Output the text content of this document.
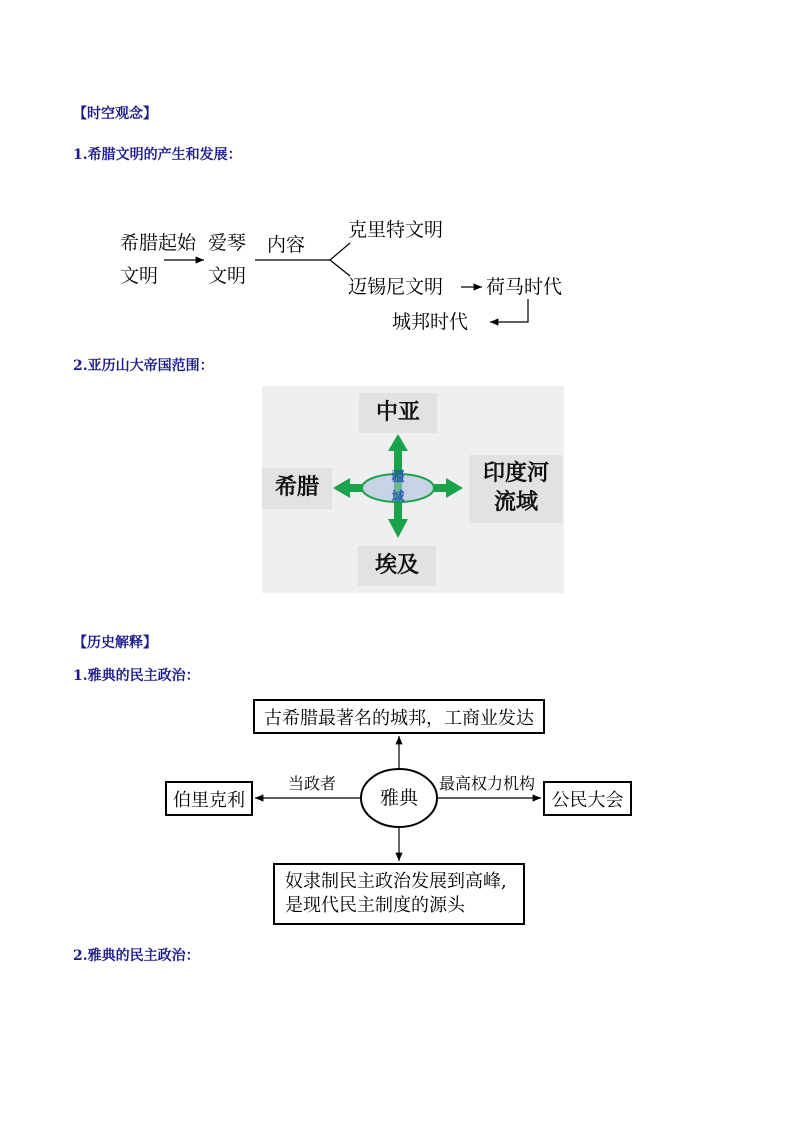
【时空观念】
1.希腊文明的产生和发展：
希腊起始
文明
爱琴
文明
内容
克里特文明
迈锡尼文明 荷马时代
城邦时代
2.亚历山大帝国范围：
中亚
希腊
印度河流域
埃及
疆域
【历史解释】
1.雅典的民主政治：
雅典
古希腊最著名的城邦，工商业发达
伯里克利
当政者
公民大会
最高权力机构
奴隶制民主政治发展到高峰,
是现代民主制度的源头
2.雅典的民主政治：
